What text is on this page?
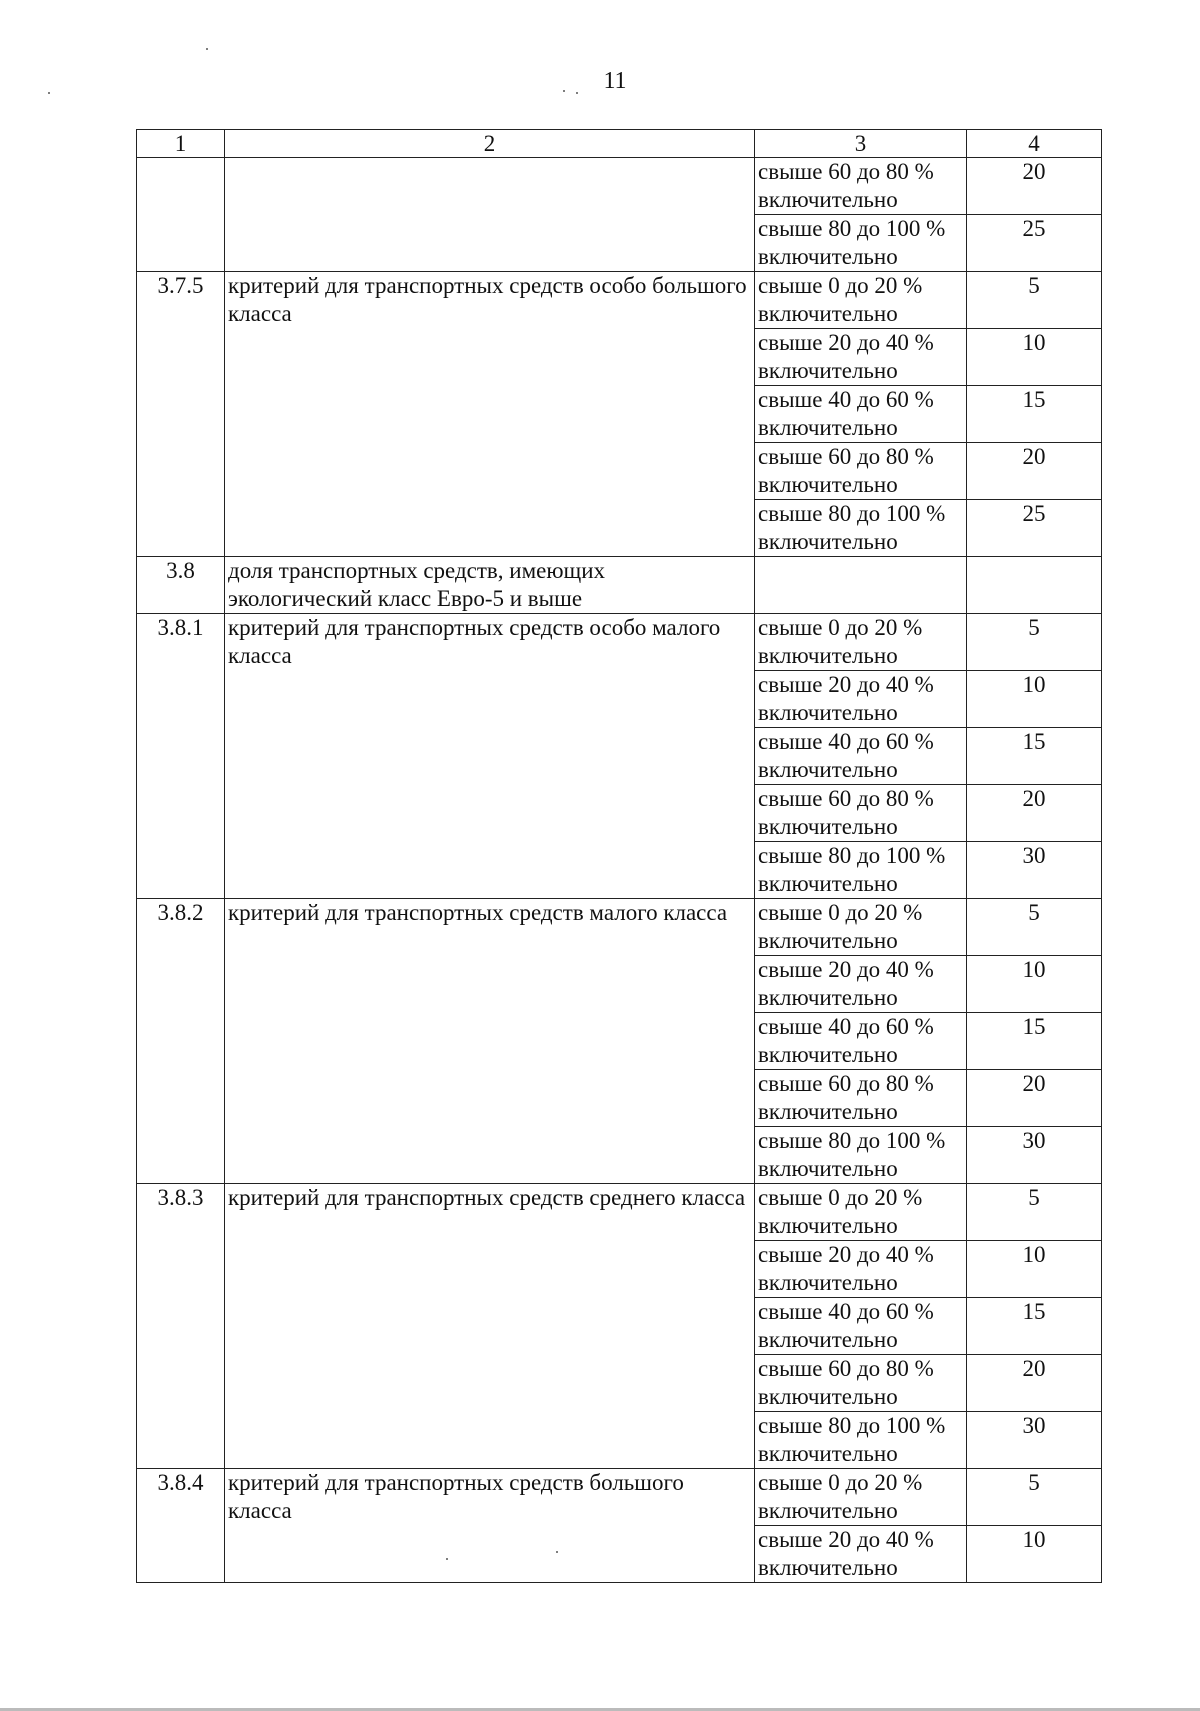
11
1	2	3	4
		свыше 60 до 80 % включительно	20
		свыше 80 до 100 % включительно	25
3.7.5	критерий для транспортных средств особо большого класса	свыше 0 до 20 % включительно	5
		свыше 20 до 40 % включительно	10
		свыше 40 до 60 % включительно	15
		свыше 60 до 80 % включительно	20
		свыше 80 до 100 % включительно	25
3.8	доля транспортных средств, имеющих экологический класс Евро-5 и выше		
3.8.1	критерий для транспортных средств особо малого класса	свыше 0 до 20 % включительно	5
		свыше 20 до 40 % включительно	10
		свыше 40 до 60 % включительно	15
		свыше 60 до 80 % включительно	20
		свыше 80 до 100 % включительно	30
3.8.2	критерий для транспортных средств малого класса	свыше 0 до 20 % включительно	5
		свыше 20 до 40 % включительно	10
		свыше 40 до 60 % включительно	15
		свыше 60 до 80 % включительно	20
		свыше 80 до 100 % включительно	30
3.8.3	критерий для транспортных средств среднего класса	свыше 0 до 20 % включительно	5
		свыше 20 до 40 % включительно	10
		свыше 40 до 60 % включительно	15
		свыше 60 до 80 % включительно	20
		свыше 80 до 100 % включительно	30
3.8.4	критерий для транспортных средств большого класса	свыше 0 до 20 % включительно	5
		свыше 20 до 40 % включительно	10
